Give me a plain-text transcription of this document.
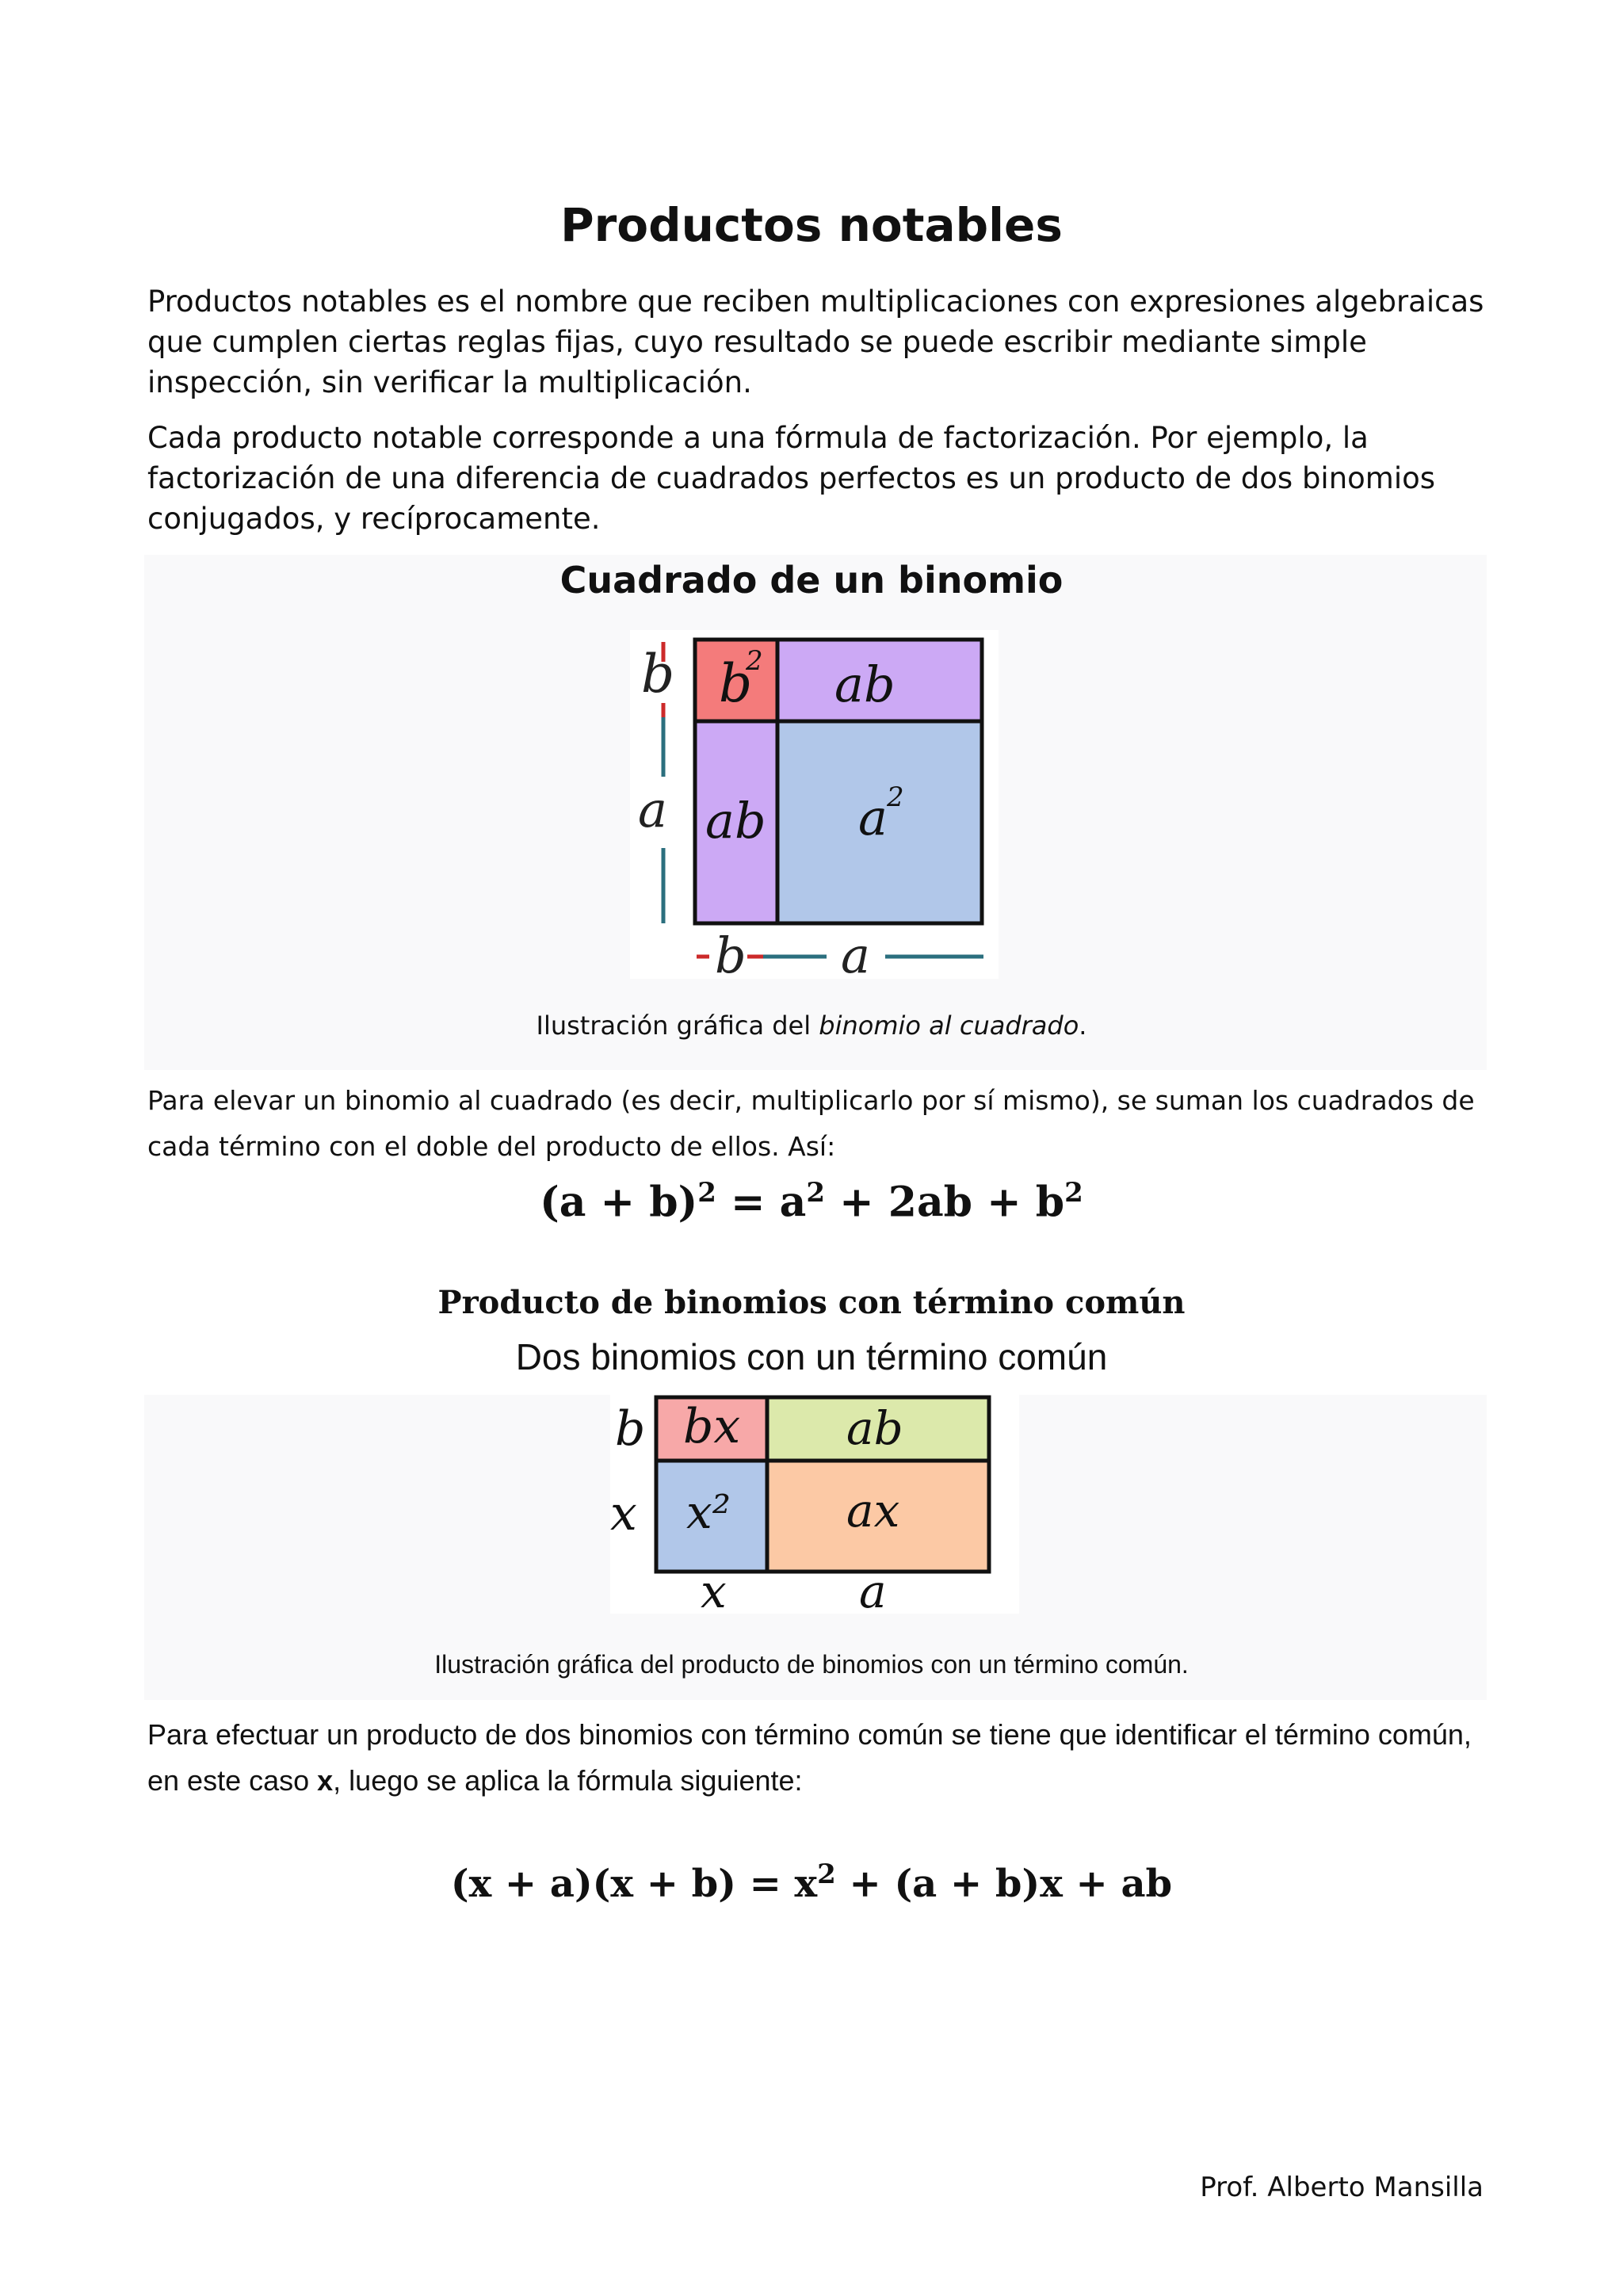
Productos notables

Productos notables es el nombre que reciben multiplicaciones con expresiones algebraicas que cumplen ciertas reglas fijas, cuyo resultado se puede escribir mediante simple inspección, sin verificar la multiplicación.

Cada producto notable corresponde a una fórmula de factorización. Por ejemplo, la factorización de una diferencia de cuadrados perfectos es un producto de dos binomios conjugados, y recíprocamente.

Cuadrado de un binomio
b
a
b
2 ab
ab a 2
b a
Ilustración gráfica del binomio al cuadrado.

Para elevar un binomio al cuadrado (es decir, multiplicarlo por sí mismo), se suman los cuadrados de cada término con el doble del producto de ellos. Así:

$(a + b)^2 = a^2 + 2ab + b^2$
Producto de binomios con término común
Dos binomios con un término común
b
x
bx ab
x²	ax
x	a
Ilustración gráfica del producto de binomios con un término común.

Para efectuar un producto de dos binomios con término común se tiene que identificar el término común, en este caso x, luego se aplica la fórmula siguiente:

$(x + a)(x + b) = x^2 + (a + b)x$ + ab
Prof. Alberto Mansilla
